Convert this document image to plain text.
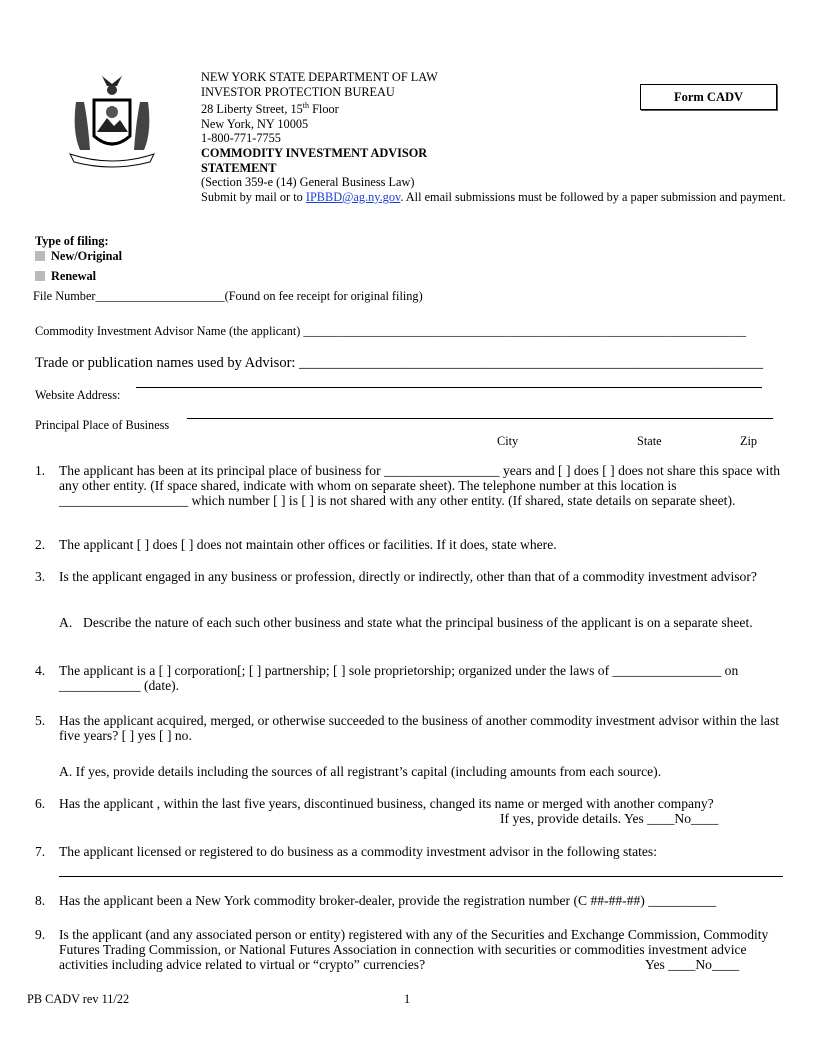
NEW YORK STATE DEPARTMENT OF LAW
INVESTOR PROTECTION BUREAU
28 Liberty Street, 15th Floor
New York, NY 10005
1-800-771-7755
COMMODITY INVESTMENT ADVISOR
STATEMENT
(Section 359-e (14) General Business Law)
Submit by mail or to IPBBD@ag.ny.gov. All email submissions must be followed by a paper submission and payment.
Form CADV
Type of filing:
New/Original
Renewal
File Number_____________________(Found on fee receipt for original filing)
Commodity Investment Advisor Name (the applicant) ________________________________________________________________________
Trade or publication names used by Advisor: ________________________________________________________________
Website Address:
Principal Place of Business
City	State	Zip
1. The applicant has been at its principal place of business for _________________ years and [ ] does [ ] does not share this space with any other entity. (If space shared, indicate with whom on separate sheet). The telephone number at this location is ___________________ which number [ ] is [ ] is not shared with any other entity. (If shared, state details on separate sheet).
2. The applicant [ ] does [ ] does not maintain other offices or facilities. If it does, state where.
3. Is the applicant engaged in any business or profession, directly or indirectly, other than that of a commodity investment advisor?
A. Describe the nature of each such other business and state what the principal business of the applicant is on a separate sheet.
4. The applicant is a [ ] corporation[; [ ] partnership; [ ] sole proprietorship; organized under the laws of ________________ on ____________ (date).
5. Has the applicant acquired, merged, or otherwise succeeded to the business of another commodity investment advisor within the last five years? [ ] yes [ ] no.
A. If yes, provide details including the sources of all registrant’s capital (including amounts from each source).
6. Has the applicant , within the last five years, discontinued business, changed its name or merged with another company?
If yes, provide details. Yes ____No____
7. The applicant licensed or registered to do business as a commodity investment advisor in the following states:
8. Has the applicant been a New York commodity broker-dealer, provide the registration number (C ##-##-##) __________
9. Is the applicant (and any associated person or entity) registered with any of the Securities and Exchange Commission, Commodity Futures Trading Commission, or National Futures Association in connection with securities or commodities investment advice activities including advice related to virtual or “crypto” currencies?	Yes ____No____
PB CADV rev 11/22	1
